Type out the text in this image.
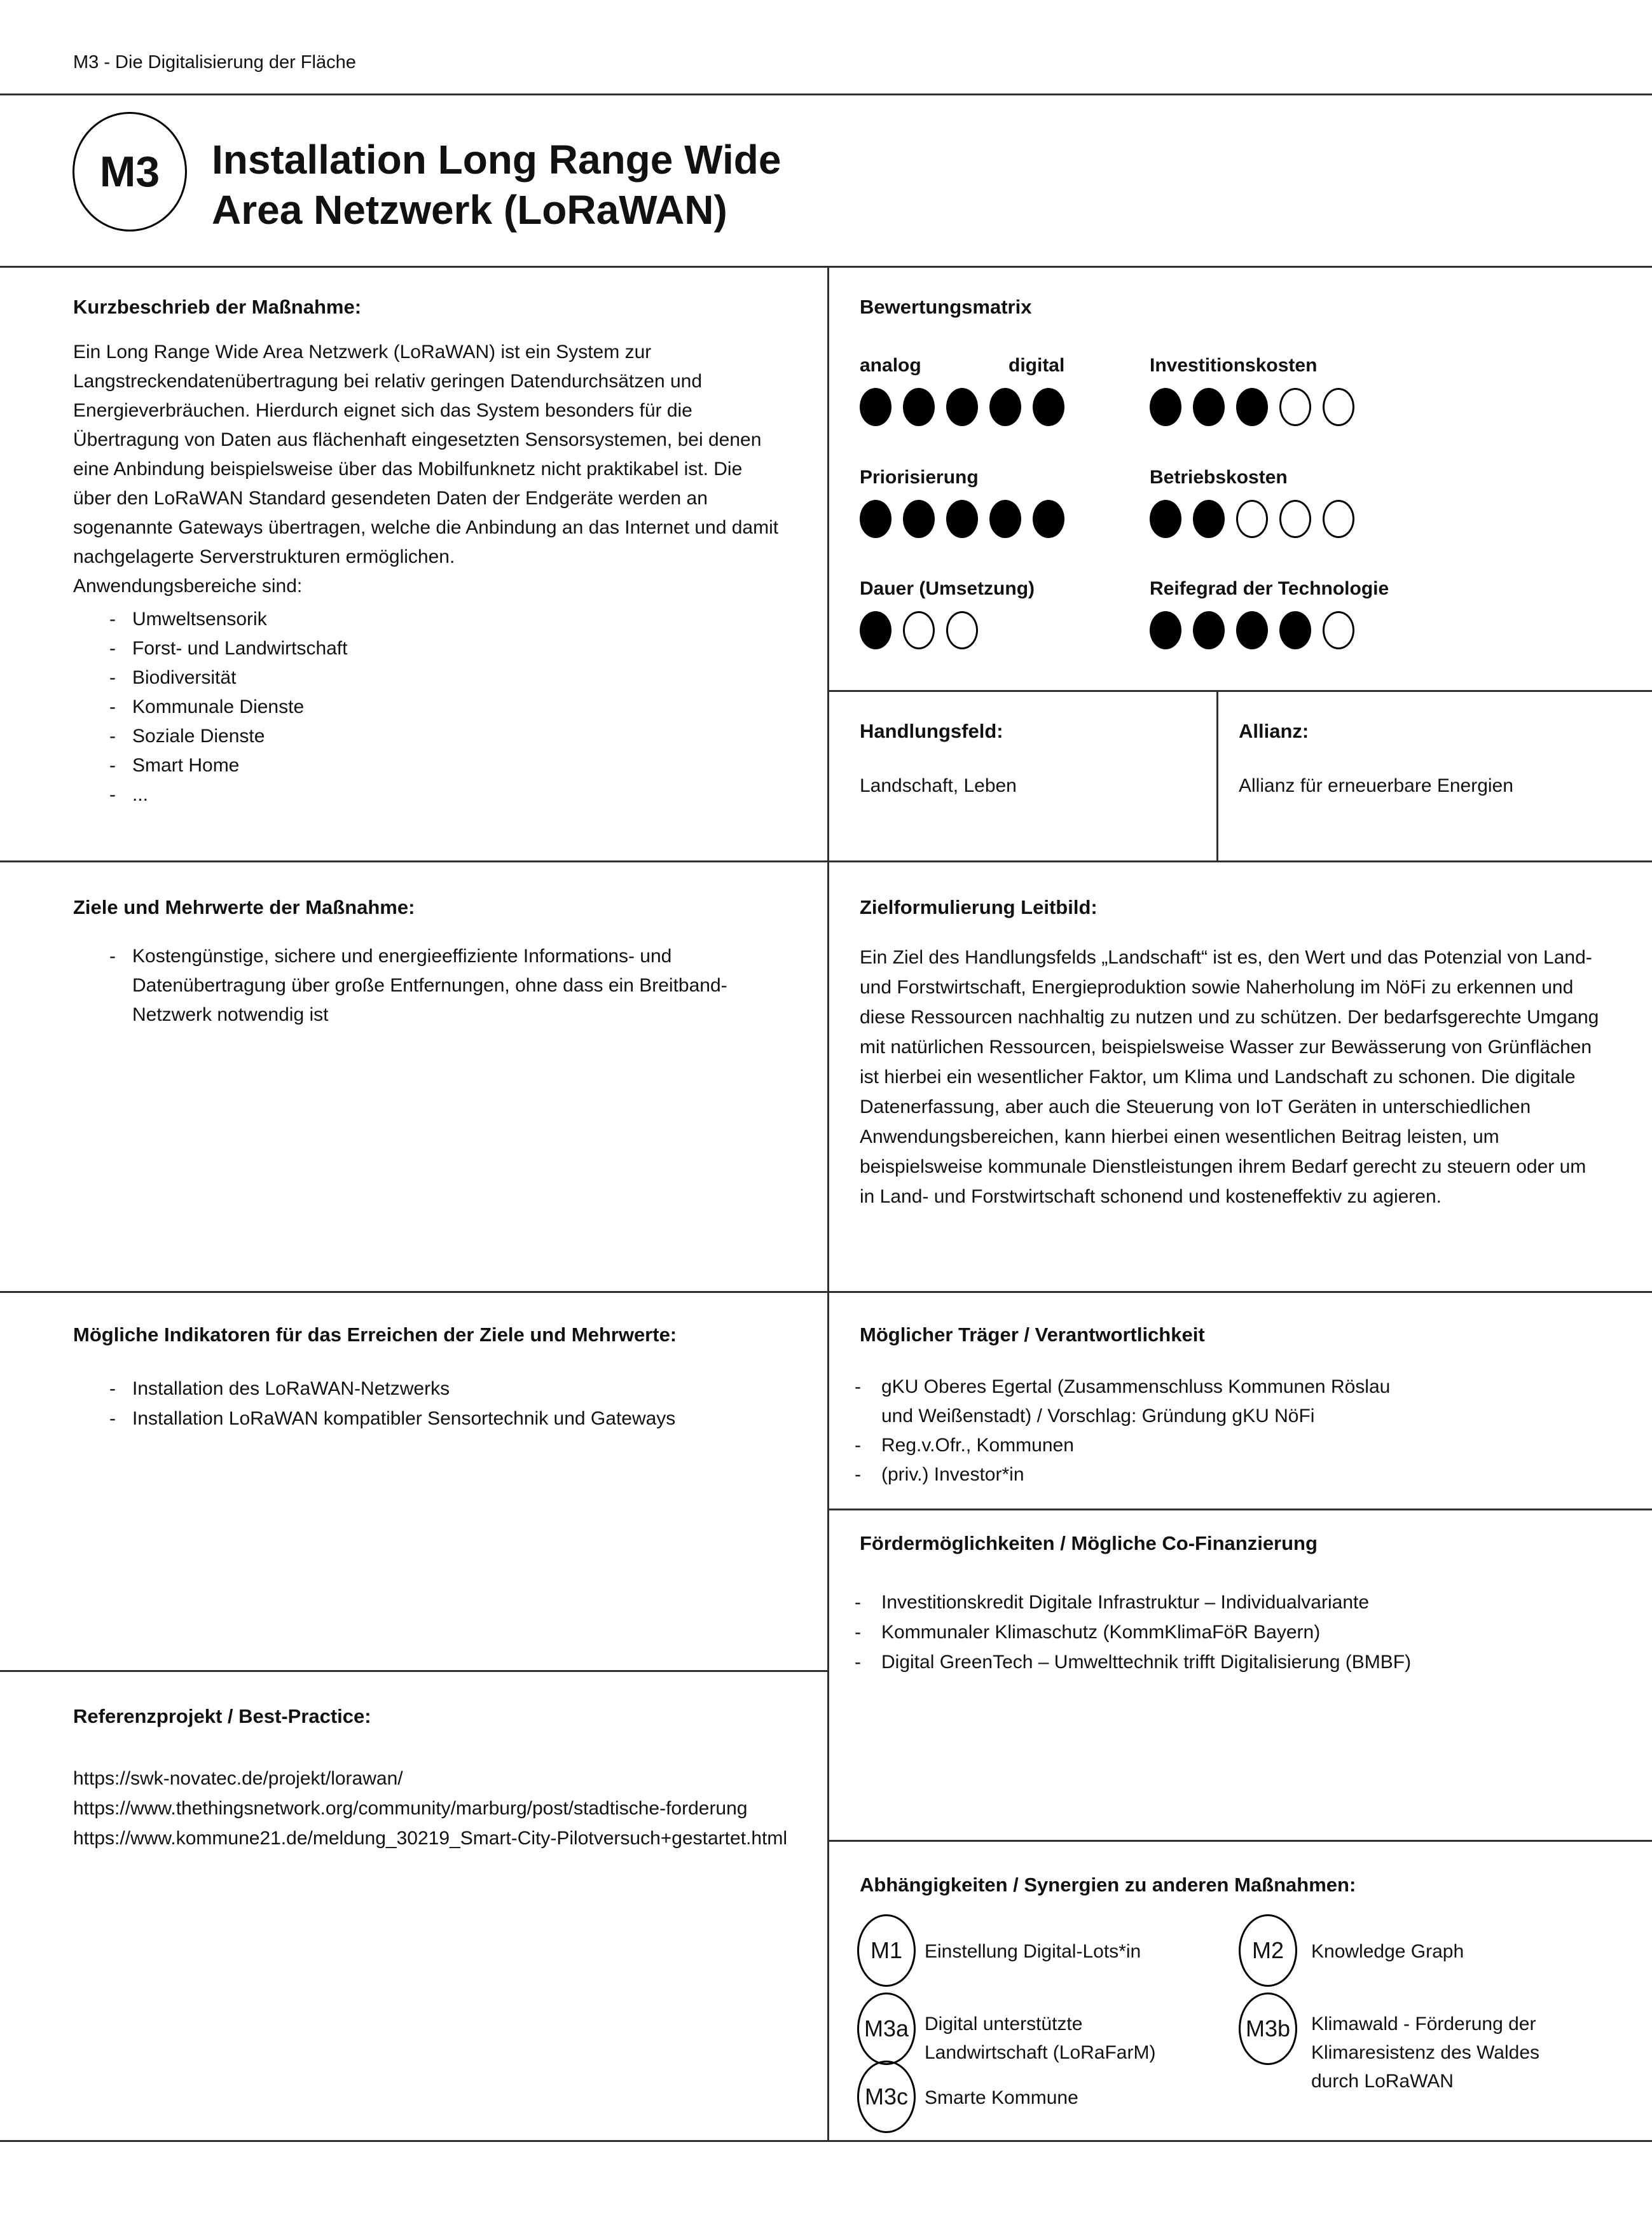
M3 - Die Digitalisierung der Fläche
M3	Installation Long Range Wide
Area Netzwerk (LoRaWAN)
Kurzbeschrieb der Maßnahme:
Ein Long Range Wide Area Netzwerk (LoRaWAN) ist ein System zur Langstreckendatenübertragung bei relativ geringen Datendurchsätzen und Energieverbräuchen. Hierdurch eignet sich das System besonders für die Übertragung von Daten aus flächenhaft eingesetzten Sensorsystemen, bei denen eine Anbindung beispielsweise über das Mobilfunknetz nicht praktikabel ist. Die über den LoRaWAN Standard gesendeten Daten der Endgeräte werden an sogenannte Gateways übertragen, welche die Anbindung an das Internet und damit nachgelagerte Serverstrukturen ermöglichen.
Anwendungsbereiche sind:
- Umweltsensorik
- Forst- und Landwirtschaft
- Biodiversität
- Kommunale Dienste
- Soziale Dienste
- Smart Home
- ...
Bewertungsmatrix
analog	digital	Investitionskosten
Priorisierung	Betriebskosten
Dauer (Umsetzung)	Reifegrad der Technologie
Handlungsfeld:
Landschaft, Leben
Allianz:
Allianz für erneuerbare Energien
Ziele und Mehrwerte der Maßnahme:
- Kostengünstige, sichere und energieeffiziente Informations- und Datenübertragung über große Entfernungen, ohne dass ein Breitband-Netzwerk notwendig ist
Zielformulierung Leitbild:
Ein Ziel des Handlungsfelds „Landschaft“ ist es, den Wert und das Potenzial von Land- und Forstwirtschaft, Energieproduktion sowie Naherholung im NöFi zu erkennen und diese Ressourcen nachhaltig zu nutzen und zu schützen. Der bedarfsgerechte Umgang mit natürlichen Ressourcen, beispielsweise Wasser zur Bewässerung von Grünflächen ist hierbei ein wesentlicher Faktor, um Klima und Landschaft zu schonen. Die digitale Datenerfassung, aber auch die Steuerung von IoT Geräten in unterschiedlichen Anwendungsbereichen, kann hierbei einen wesentlichen Beitrag leisten, um beispielsweise kommunale Dienstleistungen ihrem Bedarf gerecht zu steuern oder um in Land- und Forstwirtschaft schonend und kosteneffektiv zu agieren.
Mögliche Indikatoren für das Erreichen der Ziele und Mehrwerte:
- Installation des LoRaWAN-Netzwerks
- Installation LoRaWAN kompatibler Sensortechnik und Gateways
Möglicher Träger / Verantwortlichkeit
-	gKU Oberes Egertal (Zusammenschluss Kommunen Röslau und Weißenstadt) / Vorschlag: Gründung gKU NöFi
-	Reg.v.Ofr., Kommunen
-	(priv.) Investor*in
Fördermöglichkeiten / Mögliche Co-Finanzierung
-	Investitionskredit Digitale Infrastruktur – Individualvariante
-	Kommunaler Klimaschutz (KommKlimaFöR Bayern)
-	Digital GreenTech – Umwelttechnik trifft Digitalisierung (BMBF)
Referenzprojekt / Best-Practice:
https://swk-novatec.de/projekt/lorawan/
https://www.thethingsnetwork.org/community/marburg/post/stadtische-forderung
https://www.kommune21.de/meldung_30219_Smart-City-Pilotversuch+gestartet.html
Abhängigkeiten / Synergien zu anderen Maßnahmen:
M1	Einstellung Digital-Lots*in	M2	Knowledge Graph
M3a Digital unterstützte Landwirtschaft (LoRaFarM)
M3b	Klimawald - Förderung der Klimaresistenz des Waldes durch LoRaWAN
M3c Smarte Kommune
